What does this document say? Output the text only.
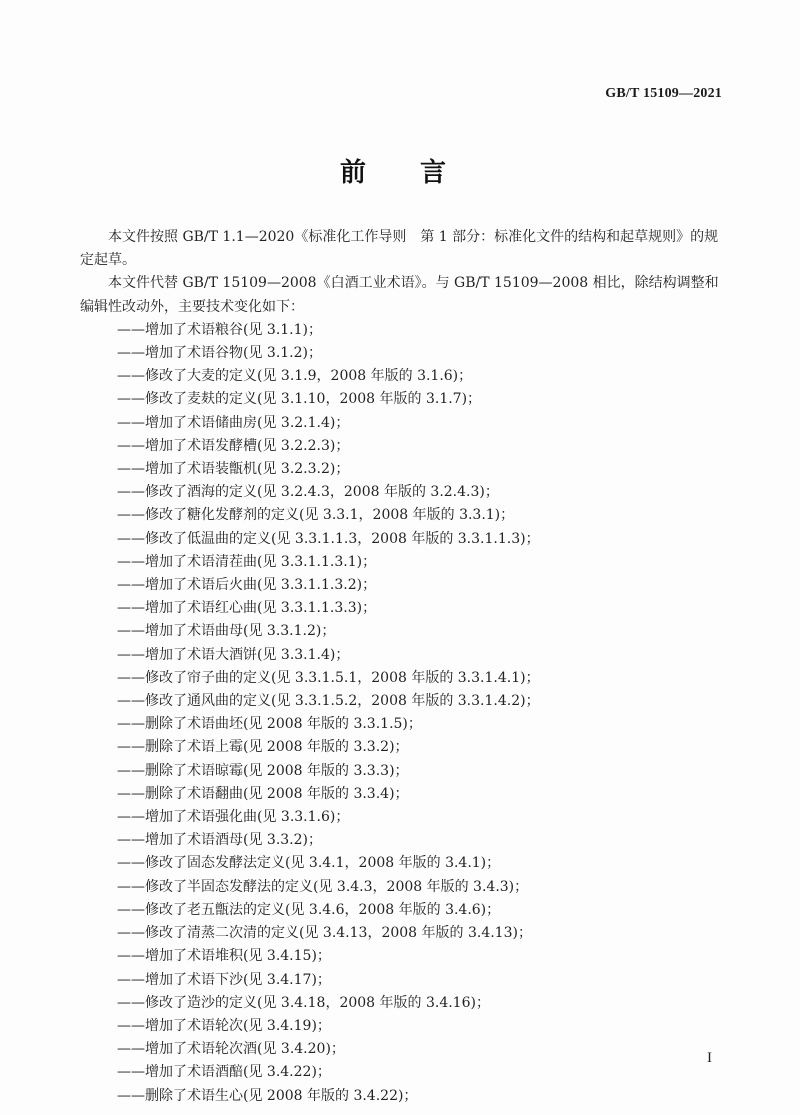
GB/T 15109—2021
前　言

本文件按照 GB/T 1.1—2020《标准化工作导则　第 1 部分：标准化文件的结构和起草规则》的规定起草。

本文件代替 GB/T 15109—2008《白酒工业术语》。与 GB/T 15109—2008 相比，除结构调整和编辑性改动外，主要技术变化如下：

——增加了术语粮谷(见 3.1.1)；
——增加了术语谷物(见 3.1.2)；
——修改了大麦的定义(见 3.1.9，2008 年版的 3.1.6)；
——修改了麦麸的定义(见 3.1.10，2008 年版的 3.1.7)；
——增加了术语储曲房(见 3.2.1.4)；
——增加了术语发酵槽(见 3.2.2.3)；
——增加了术语装甑机(见 3.2.3.2)；
——修改了酒海的定义(见 3.2.4.3，2008 年版的 3.2.4.3)；
——修改了糖化发酵剂的定义(见 3.3.1，2008 年版的 3.3.1)；
——修改了低温曲的定义(见 3.3.1.1.3，2008 年版的 3.3.1.1.3)；
——增加了术语清茬曲(见 3.3.1.1.3.1)；
——增加了术语后火曲(见 3.3.1.1.3.2)；
——增加了术语红心曲(见 3.3.1.1.3.3)；
——增加了术语曲母(见 3.3.1.2)；
——增加了术语大酒饼(见 3.3.1.4)；
——修改了帘子曲的定义(见 3.3.1.5.1，2008 年版的 3.3.1.4.1)；
——修改了通风曲的定义(见 3.3.1.5.2，2008 年版的 3.3.1.4.2)；
——删除了术语曲坯(见 2008 年版的 3.3.1.5)；
——删除了术语上霉(见 2008 年版的 3.3.2)；
——删除了术语晾霉(见 2008 年版的 3.3.3)；
——删除了术语翻曲(见 2008 年版的 3.3.4)；
——增加了术语强化曲(见 3.3.1.6)；
——增加了术语酒母(见 3.3.2)；
——修改了固态发酵法定义(见 3.4.1，2008 年版的 3.4.1)；
——修改了半固态发酵法的定义(见 3.4.3，2008 年版的 3.4.3)；
——修改了老五甑法的定义(见 3.4.6，2008 年版的 3.4.6)；
——修改了清蒸二次清的定义(见 3.4.13，2008 年版的 3.4.13)；
——增加了术语堆积(见 3.4.15)；
——增加了术语下沙(见 3.4.17)；
——修改了造沙的定义(见 3.4.18，2008 年版的 3.4.16)；
——增加了术语轮次(见 3.4.19)；
——增加了术语轮次酒(见 3.4.20)；
——增加了术语酒醅(见 3.4.22)；
——删除了术语生心(见 2008 年版的 3.4.22)；
I
